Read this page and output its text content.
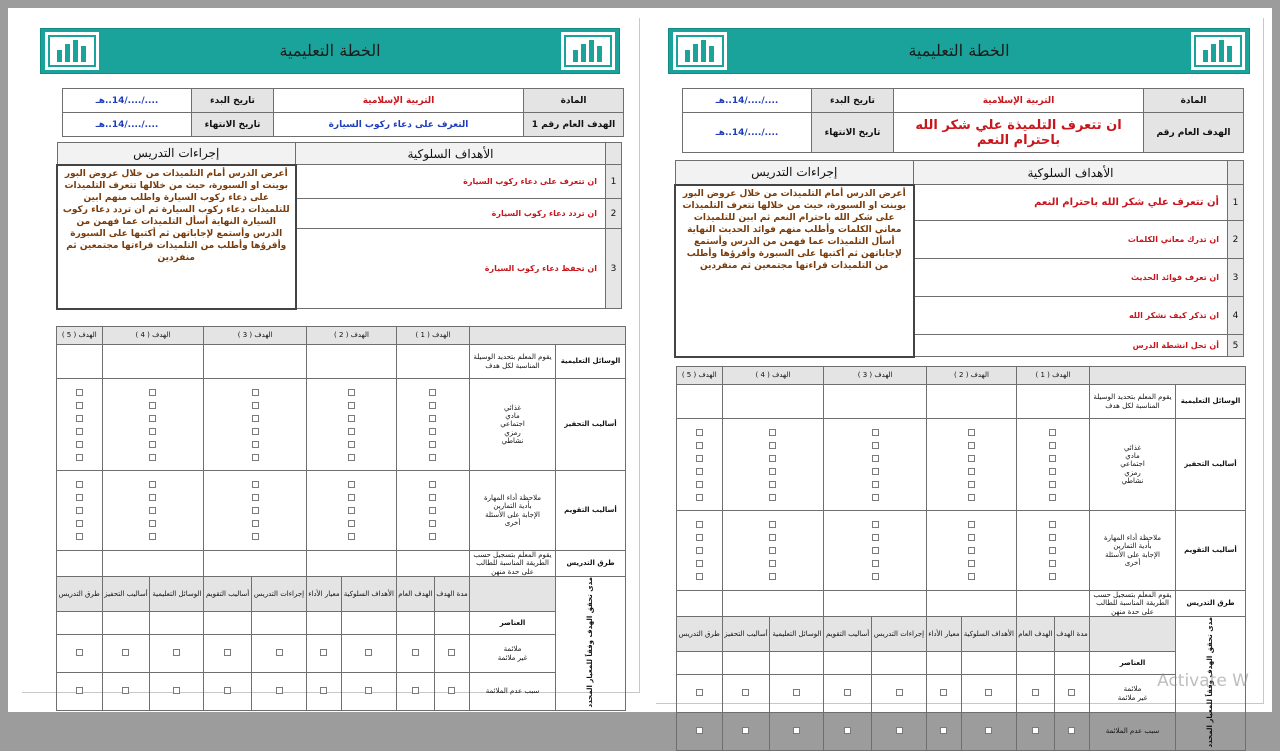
الخطة التعليمية
المادة	التربية الإسلامية	تاريخ البدء	..../..../14..هـ
الهدف العام رقم 1	التعرف على دعاء ركوب السيارة	تاريخ الانتهاء	..../..../14..هـ
	الأهداف السلوكية	إجراءات التدريس
1	ان تتعرف على دعاء ركوب السيارة	أعرض الدرس أمام التلميذات من خلال عروض البور بوينت او السبورة، حيث من خلالها تتعرف التلميذات على دعاء ركوب السيارة واطلب منهم ابين للتلميذات دعاء ركوب السيارة ثم ان تردد دعاء ركوب السيارة النهاية أسأل التلميذات عما فهمن من الدرس وأستمع لإجاباتهن ثم أكتبها على السبورة وأقرؤها وأطلب من التلميذات قراءتها مجتمعين ثم منفردين
2	ان تردد دعاء ركوب السيارة	
3	ان تحفظ دعاء ركوب السيارة	
		الهدف ( 1 )		الهدف ( 2 )		الهدف ( 3 )		الهدف ( 4 )		الهدف ( 5 )
الوسائل التعليمية	يقوم المعلم بتحديد الوسيلة المناسبة لكل هدف									
أساليب التحفيز	غذائي
مادي
اجتماعي
رمزي
نشاطي									

أساليب التقويم	ملاحظة أداء المهارة
بأدية التمارين
الإجابة على الأسئلة
أخرى									

طرق التدريس	يقوم المعلم بتسجيل حسب الطريقة المناسبة للطالب على حدة منهن									
مدى تحقق الهدف وفقاً للمعيار المحدد		مدة الهدف	الهدف العام	الأهداف السلوكية	معيار الأداء	إجراءات التدريس	أساليب التقويم	الوسائل التعليمية	أساليب التحفيز	طرق التدريس
	العناصر									

	ملائمة
غير ملائمة									

	سبب عدم الملائمة									
الخطة التعليمية
المادة	التربية الإسلامية	تاريخ البدء	..../..../14..هـ
الهدف العام رقم	ان تتعرف التلميذة علي شكر الله باحترام النعم	تاريخ الانتهاء	..../..../14..هـ
	الأهداف السلوكية	إجراءات التدريس
1	أن تتعرف علي شكر الله باحترام النعم	أعرض الدرس أمام التلميذات من خلال عروض البور بوينت او السبورة، حيث من خلالها تتعرف التلميذات على شكر الله باحترام النعم ثم ابين للتلميذات معاني الكلمات وأطلب منهم فوائد الحديث النهاية أسأل التلميذات عما فهمن من الدرس وأستمع لإجاباتهن ثم أكتبها على السبورة وأقرؤها وأطلب من التلميذات قراءتها مجتمعين ثم منفردين
2	ان تدرك معاني الكلمات	
3	ان تعرف فوائد الحديث	
4	ان تذكر كيف نشكر الله	
5	أن تحل انشطة الدرس	
		الهدف ( 1 )		الهدف ( 2 )		الهدف ( 3 )		الهدف ( 4 )		الهدف ( 5 )
الوسائل التعليمية	يقوم المعلم بتحديد الوسيلة المناسبة لكل هدف									
أساليب التحفيز	غذائي
مادي
اجتماعي
رمزي
نشاطي									

أساليب التقويم	ملاحظة أداء المهارة
بأدية التمارين
الإجابة على الأسئلة
أخرى									

طرق التدريس	يقوم المعلم بتسجيل حسب الطريقة المناسبة للطالب على حدة منهن									
مدى تحقق الهدف وفقاً للمعيار المحدد		مدة الهدف	الهدف العام	الأهداف السلوكية	معيار الأداء	إجراءات التدريس	أساليب التقويم	الوسائل التعليمية	أساليب التحفيز	طرق التدريس
	العناصر									

	ملائمة
غير ملائمة									

	سبب عدم الملائمة									
Activate W
